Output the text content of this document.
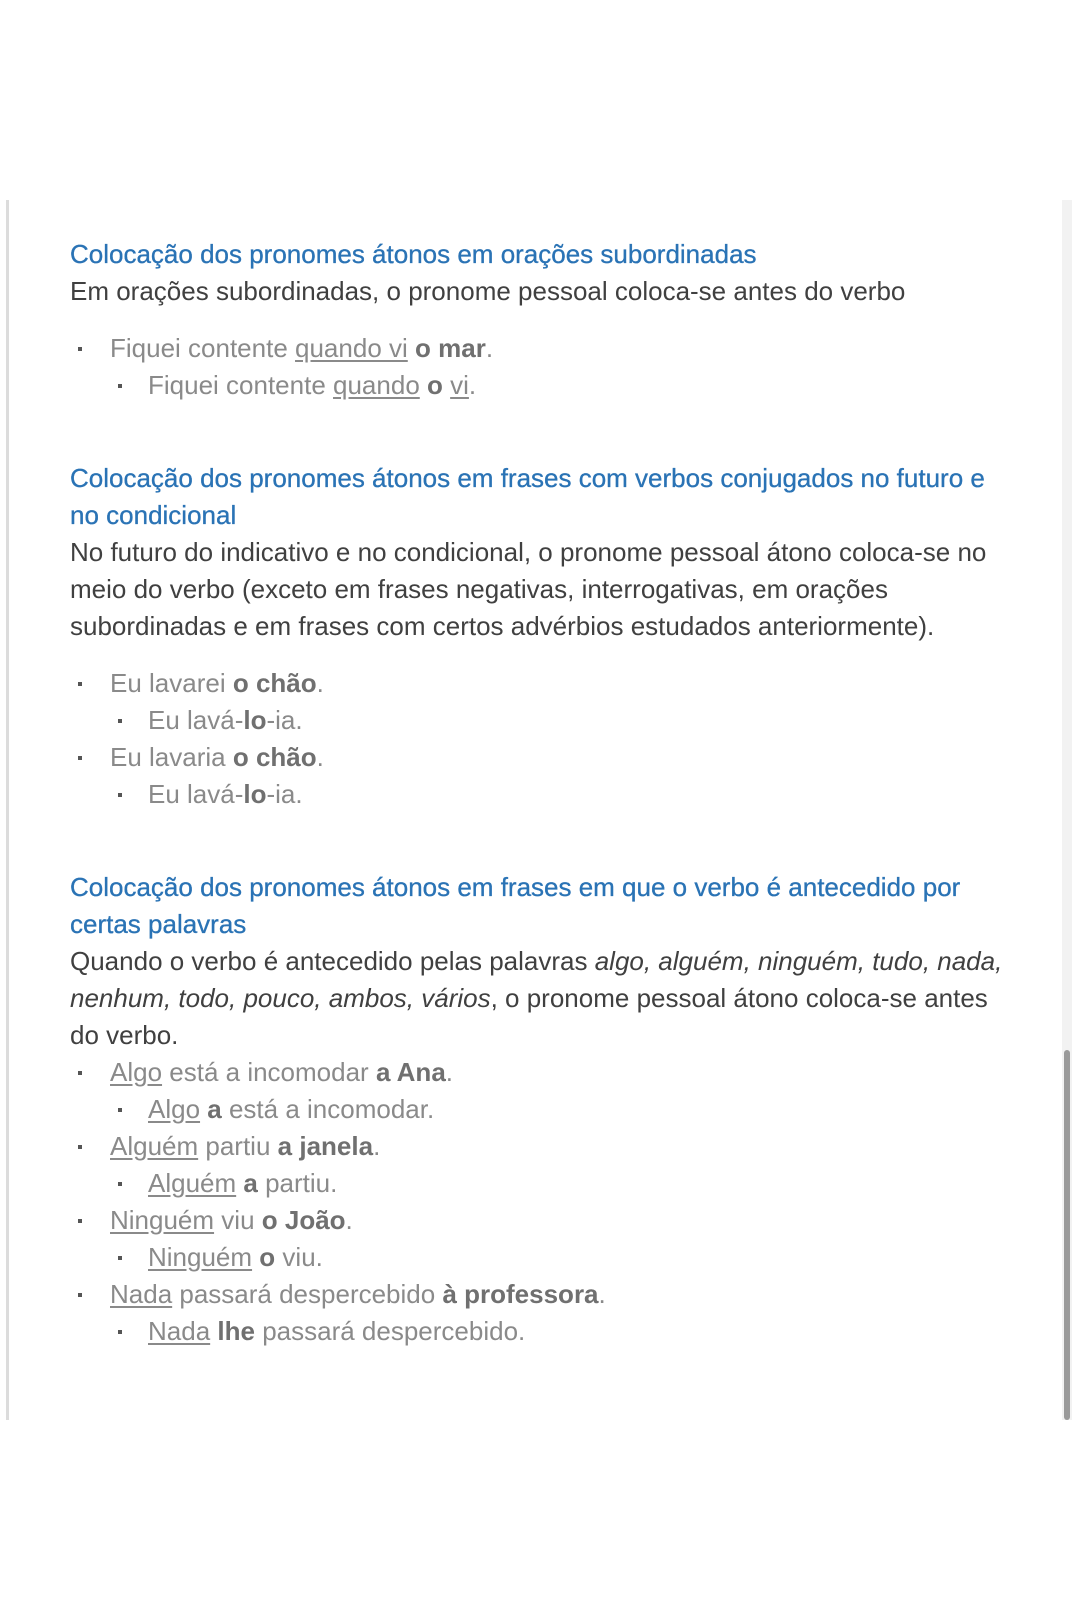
Colocação dos pronomes átonos em orações subordinadas

Em orações subordinadas, o pronome pessoal coloca-se antes do verbo

Fiquei contente quando vi o mar.
Fiquei contente quando o vi.
Colocação dos pronomes átonos em frases com verbos conjugados no futuro e no condicional

No futuro do indicativo e no condicional, o pronome pessoal átono coloca-se no meio do verbo (exceto em frases negativas, interrogativas, em orações subordinadas e em frases com certos advérbios estudados anteriormente).

Eu lavarei o chão.
Eu lavá-lo-ia.
Eu lavaria o chão.
Eu lavá-lo-ia.
Colocação dos pronomes átonos em frases em que o verbo é antecedido por certas palavras

Quando o verbo é antecedido pelas palavras algo, alguém, ninguém, tudo, nada, nenhum, todo, pouco, ambos, vários, o pronome pessoal átono coloca-se antes do verbo.

Algo está a incomodar a Ana.
Algo a está a incomodar.
Alguém partiu a janela.
Alguém a partiu.
Ninguém viu o João.
Ninguém o viu.
Nada passará despercebido à professora.
Nada lhe passará despercebido.
